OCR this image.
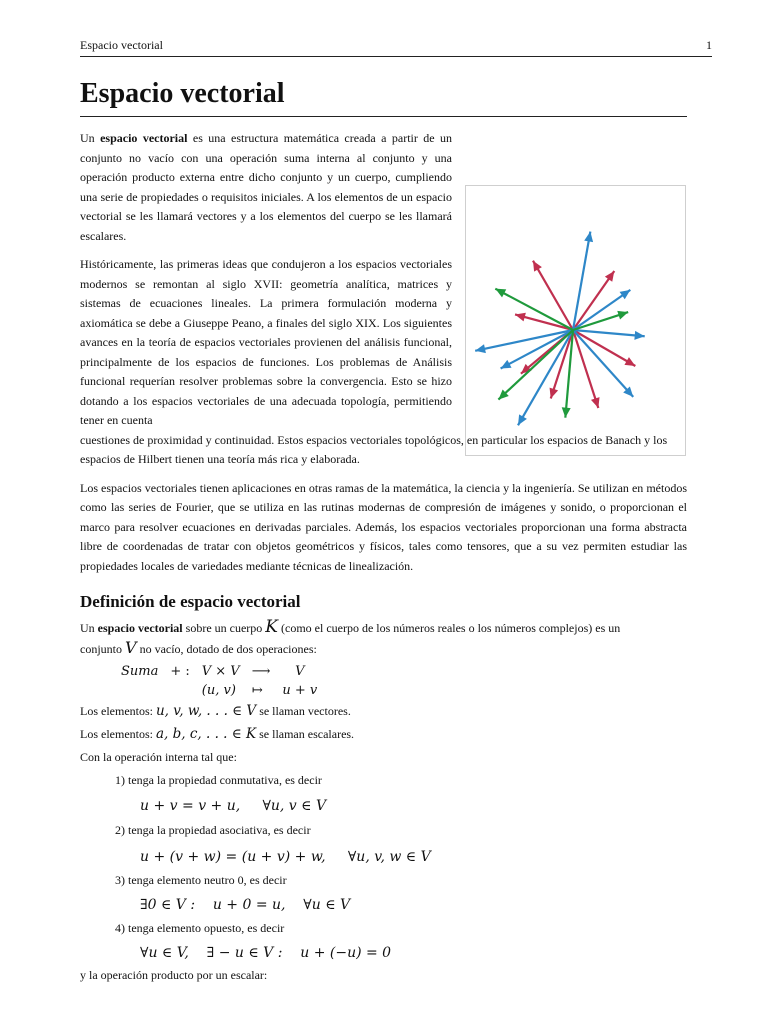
Espacio vectorial	1
Espacio vectorial

Un espacio vectorial es una estructura matemática creada a partir de un conjunto no vacío con una operación suma interna al conjunto y una operación producto externa entre dicho conjunto y un cuerpo, cumpliendo una serie de propiedades o requisitos iniciales. A los elementos de un espacio vectorial se les llamará vectores y a los elementos del cuerpo se les llamará escalares.

Históricamente, las primeras ideas que condujeron a los espacios vectoriales modernos se remontan al siglo XVII: geometría analítica, matrices y sistemas de ecuaciones lineales. La primera formulación moderna y axiomática se debe a Giuseppe Peano, a finales del siglo XIX. Los siguientes avances en la teoría de espacios vectoriales provienen del análisis funcional, principalmente de los espacios de funciones. Los problemas de Análisis funcional requerían resolver problemas sobre la convergencia. Esto se hizo dotando a los espacios vectoriales de una adecuada topología, permitiendo tener en cuenta

cuestiones de proximidad y continuidad. Estos espacios vectoriales topológicos, en particular los espacios de Banach y los espacios de Hilbert tienen una teoría más rica y elaborada.

Los espacios vectoriales tienen aplicaciones en otras ramas de la matemática, la ciencia y la ingeniería. Se utilizan en métodos como las series de Fourier, que se utiliza en las rutinas modernas de compresión de imágenes y sonido, o proporcionan el marco para resolver ecuaciones en derivadas parciales. Además, los espacios vectoriales proporcionan una forma abstracta libre de coordenadas de tratar con objetos geométricos y físicos, tales como tensores, que a su vez permiten estudiar las propiedades locales de variedades mediante técnicas de linealización.

Definición de espacio vectorial

Un espacio vectorial sobre un cuerpo K (como el cuerpo de los números reales o los números complejos) es un

conjunto V no vacío, dotado de dos operaciones:

Suma	+ :	V × V	⟶	V
		(u, v)	↦	u + v

Los elementos: u, v, w, . . . ∈ V se llaman vectores.

Los elementos: a, b, c, . . . ∈ K se llaman escalares.

Con la operación interna tal que:

1) tenga la propiedad conmutativa, es decir

u + v = v + u,     ∀u, v ∈ V

2) tenga la propiedad asociativa, es decir

u + (v + w) = (u + v) + w,     ∀u, v, w ∈ V

3) tenga elemento neutro 0, es decir

∃0 ∈ V :    u + 0 = u,    ∀u ∈ V

4) tenga elemento opuesto, es decir

∀u ∈ V,    ∃ − u ∈ V :    u + (−u) = 0

y la operación producto por un escalar:
